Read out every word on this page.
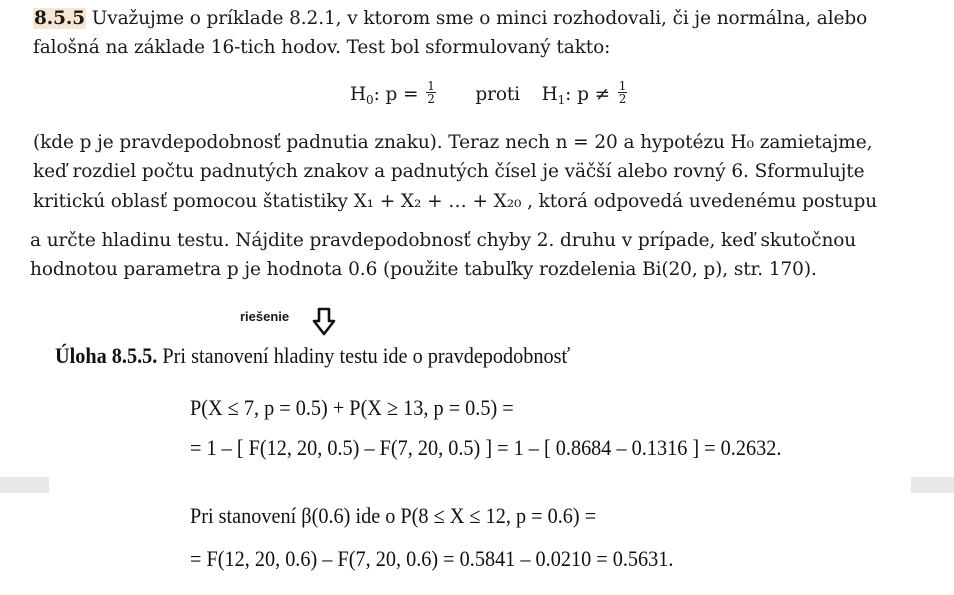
8.5.5 Uvažujme o príklade 8.2.1, v ktorom sme o minci rozhodovali, či je normálna, alebo
falošná na základe 16-tich hodov. Test bol sformulovaný takto:
$H_0$: $p = \frac{1}{2}$ proti $H_1$: $p \ne \frac{1}{2}$
(kde p je pravdepodobnosť padnutia znaku). Teraz nech n = 20 a hypotézu H₀ zamietajme,
keď rozdiel počtu padnutých znakov a padnutých čísel je väčší alebo rovný 6. Sformulujte
kritickú oblasť pomocou štatistiky X₁ + X₂ + … + X₂₀ , ktorá odpovedá uvedenému postupu
a určte hladinu testu. Nájdite pravdepodobnosť chyby 2. druhu v prípade, keď skutočnou
hodnotou parametra p je hodnota 0.6 (použite tabuľky rozdelenia Bi(20, p), str. 170).
riešenie
Úloha 8.5.5. Pri stanovení hladiny testu ide o pravdepodobnosť
P(X ≤ 7, p = 0.5) + P(X ≥ 13, p = 0.5) =
= 1 – [ F(12, 20, 0.5) – F(7, 20, 0.5) ] = 1 – [ 0.8684 – 0.1316 ] = 0.2632.
Pri stanovení β(0.6) ide o P(8 ≤ X ≤ 12, p = 0.6) =
= F(12, 20, 0.6) – F(7, 20, 0.6) = 0.5841 – 0.0210 = 0.5631.
